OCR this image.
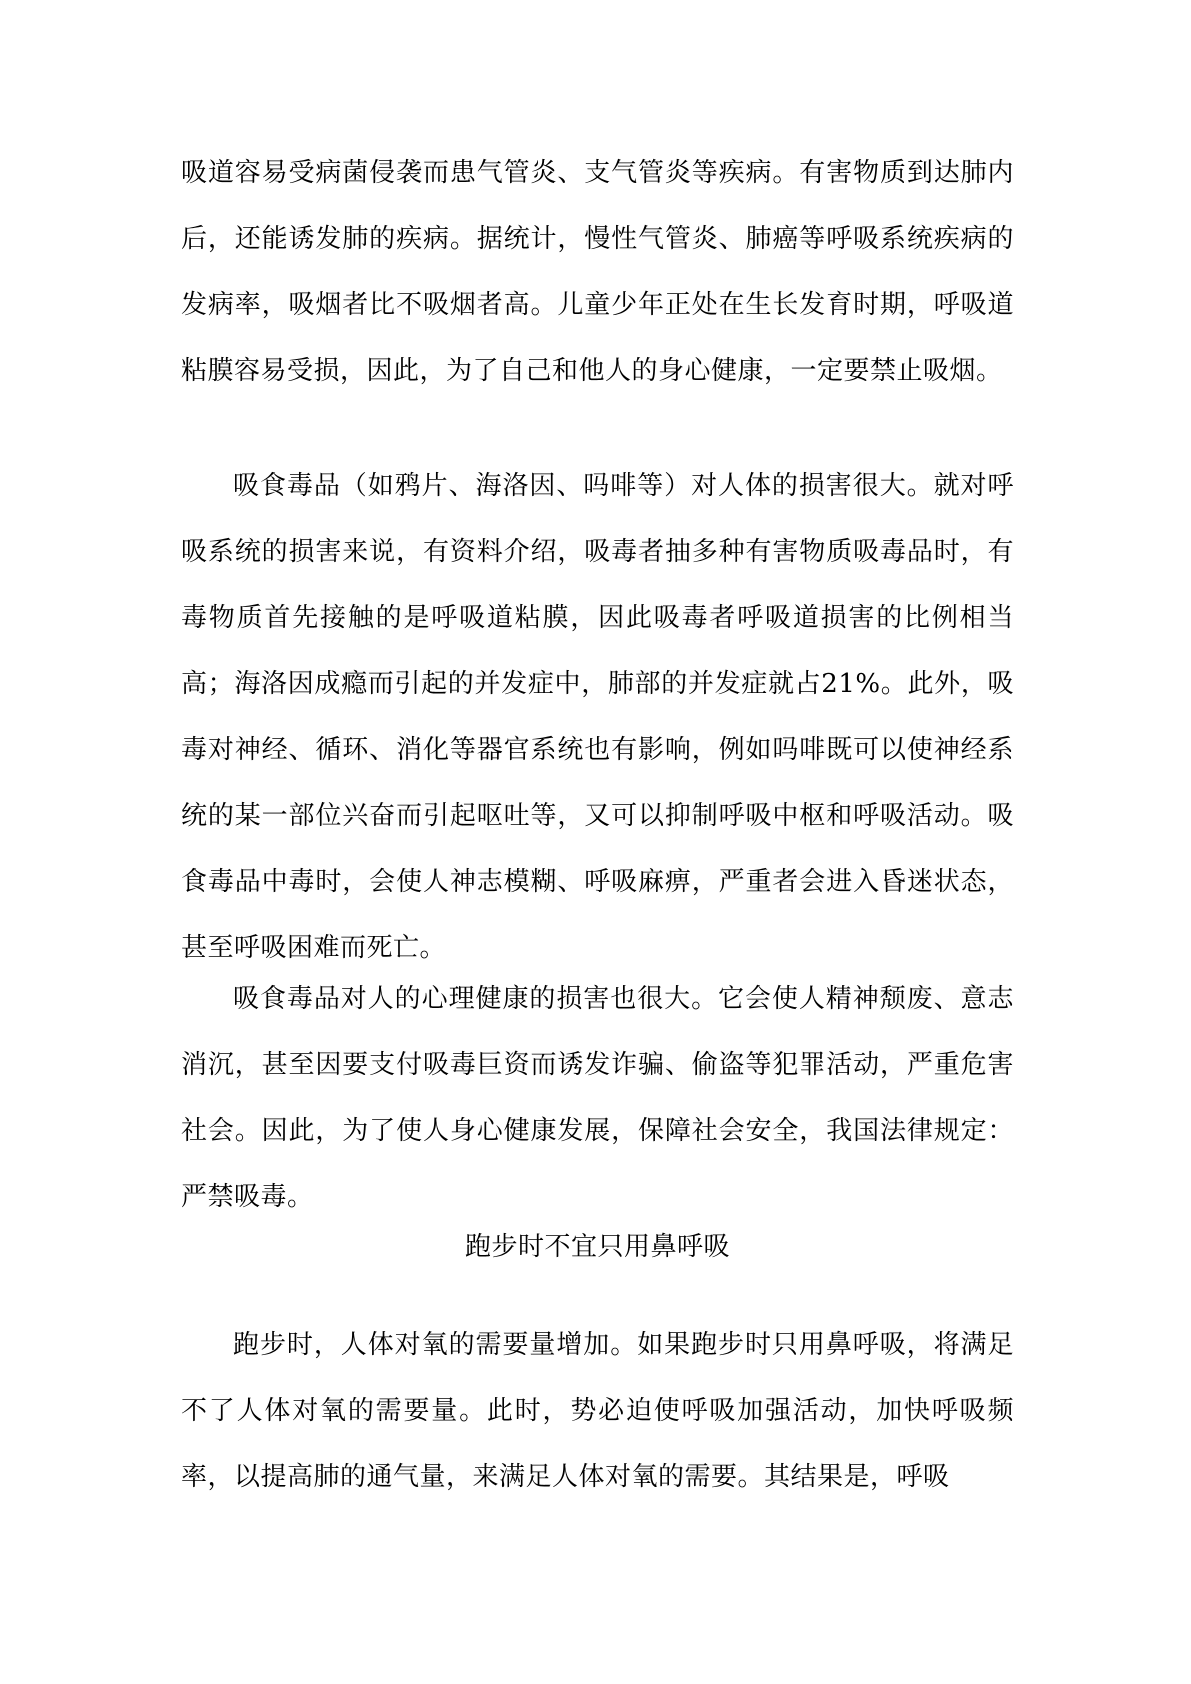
吸道容易受病菌侵袭而患气管炎、支气管炎等疾病。有害物质到达肺内后，还能诱发肺的疾病。据统计，慢性气管炎、肺癌等呼吸系统疾病的发病率，吸烟者比不吸烟者高。儿童少年正处在生长发育时期，呼吸道粘膜容易受损，因此，为了自己和他人的身心健康，一定要禁止吸烟。

吸食毒品（如鸦片、海洛因、吗啡等）对人体的损害很大。就对呼吸系统的损害来说，有资料介绍，吸毒者抽多种有害物质吸毒品时，有毒物质首先接触的是呼吸道粘膜，因此吸毒者呼吸道损害的比例相当高；海洛因成瘾而引起的并发症中，肺部的并发症就占21%。此外，吸毒对神经、循环、消化等器官系统也有影响，例如吗啡既可以使神经系统的某一部位兴奋而引起呕吐等，又可以抑制呼吸中枢和呼吸活动。吸食毒品中毒时，会使人神志模糊、呼吸麻痹，严重者会进入昏迷状态，甚至呼吸困难而死亡。

吸食毒品对人的心理健康的损害也很大。它会使人精神颓废、意志消沉，甚至因要支付吸毒巨资而诱发诈骗、偷盗等犯罪活动，严重危害社会。因此，为了使人身心健康发展，保障社会安全，我国法律规定：严禁吸毒。

跑步时不宜只用鼻呼吸

跑步时，人体对氧的需要量增加。如果跑步时只用鼻呼吸，将满足不了人体对氧的需要量。此时，势必迫使呼吸加强活动，加快呼吸频率，以提高肺的通气量，来满足人体对氧的需要。其结果是，呼吸
